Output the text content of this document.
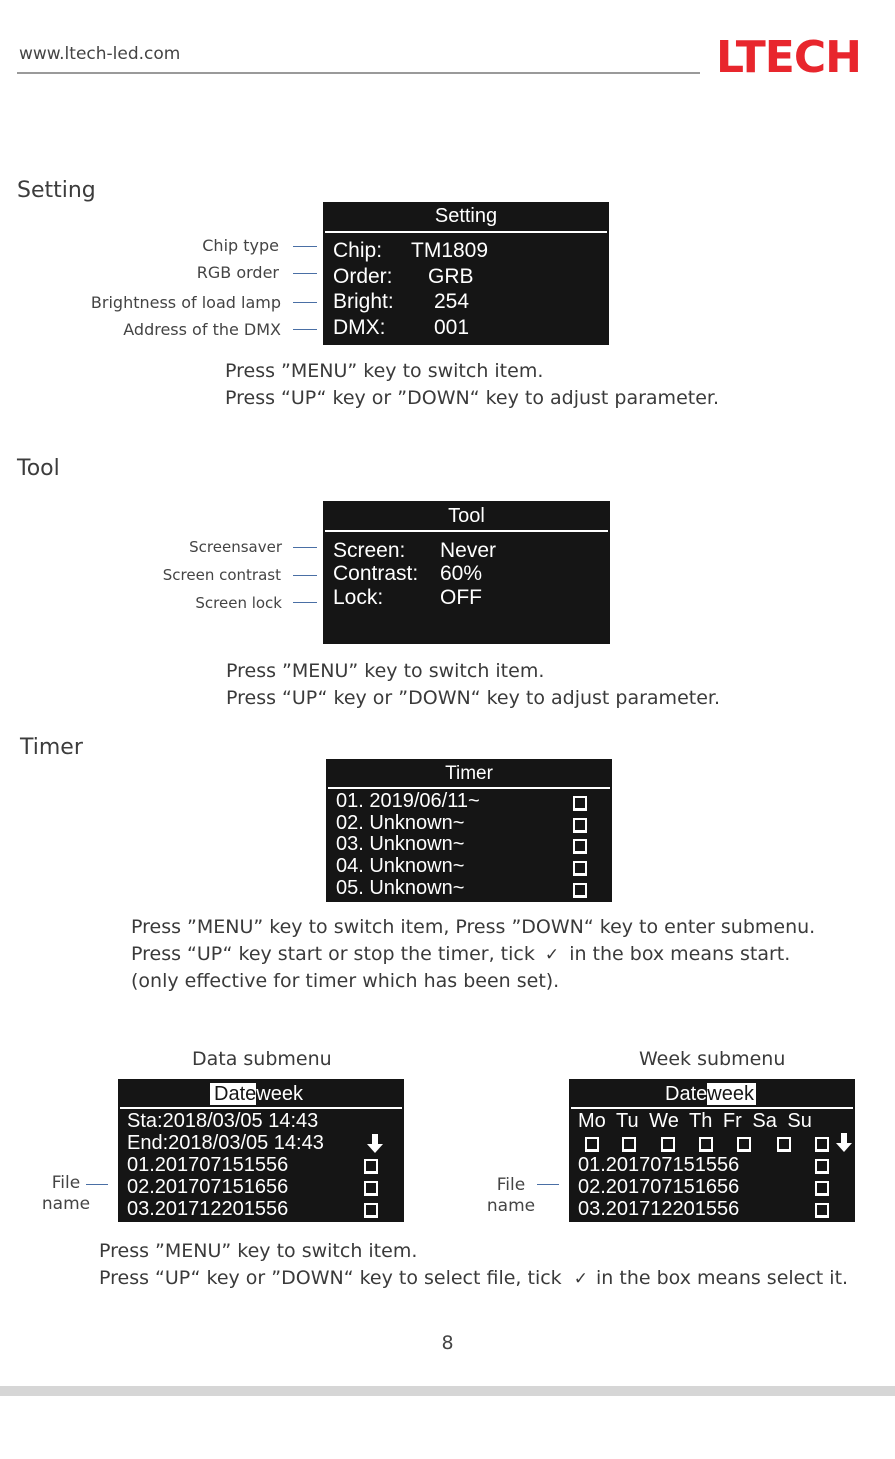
www.ltech-led.com	LTECH
Setting
Chip type
RGB order
Brightness of load lamp
Address of the DMX
Setting
Chip: TM1809
Order: GRB
Bright: 254
DMX: 001
Press ”MENU” key to switch item.
Press “UP“ key or ”DOWN“ key to adjust parameter.
Tool
Screensaver
Screen contrast
Screen lock
Tool
Screen: Never
Contrast: 60%
Lock:	OFF
Press ”MENU” key to switch item.
Press “UP“ key or ”DOWN“ key to adjust parameter.
Timer
Timer
01. 2019/06/11~
02. Unknown~
03. Unknown~
04. Unknown~
05. Unknown~
Press ”MENU” key to switch item, Press ”DOWN“ key to enter submenu.
Press “UP“ key start or stop the timer, tick ✓ in the box means start.
(only effective for timer which has been set).
Data submenu
Dateweek
Sta:2018/03/05 14:43
End:2018/03/05 14:43
01.201707151556
02.201707151656
03.201712201556
File
name
Week submenu
Dateweek
Mo Tu We Th Fr Sa Su
01.201707151556
02.201707151656
03.201712201556
File
name
Press ”MENU” key to switch item.
Press “UP“ key or ”DOWN“ key to select file, tick ✓ in the box means select it.
8
